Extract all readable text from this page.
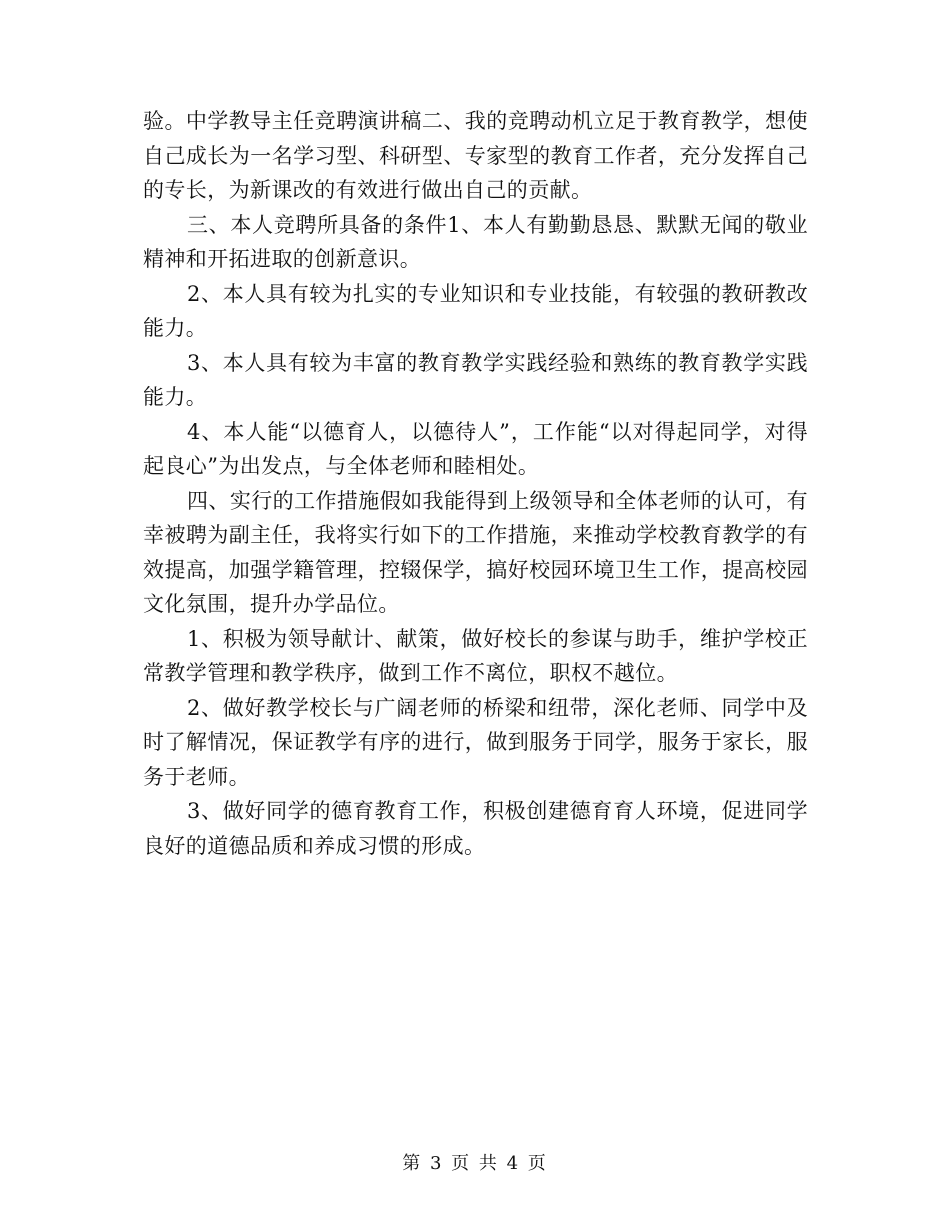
验。中学教导主任竞聘演讲稿二、我的竞聘动机立足于教育教学，想使自己成长为一名学习型、科研型、专家型的教育工作者，充分发挥自己的专长，为新课改的有效进行做出自己的贡献。

三、本人竞聘所具备的条件1、本人有勤勤恳恳、默默无闻的敬业精神和开拓进取的创新意识。

2、本人具有较为扎实的专业知识和专业技能，有较强的教研教改能力。

3、本人具有较为丰富的教育教学实践经验和熟练的教育教学实践能力。

4、本人能“以德育人，以德待人”，工作能“以对得起同学，对得起良心”为出发点，与全体老师和睦相处。

四、实行的工作措施假如我能得到上级领导和全体老师的认可，有幸被聘为副主任，我将实行如下的工作措施，来推动学校教育教学的有效提高，加强学籍管理，控辍保学，搞好校园环境卫生工作，提高校园文化氛围，提升办学品位。

1、积极为领导献计、献策，做好校长的参谋与助手，维护学校正常教学管理和教学秩序，做到工作不离位，职权不越位。

2、做好教学校长与广阔老师的桥梁和纽带，深化老师、同学中及时了解情况，保证教学有序的进行，做到服务于同学，服务于家长，服务于老师。

3、做好同学的德育教育工作，积极创建德育育人环境，促进同学良好的道德品质和养成习惯的形成。

第 3 页 共 4 页
